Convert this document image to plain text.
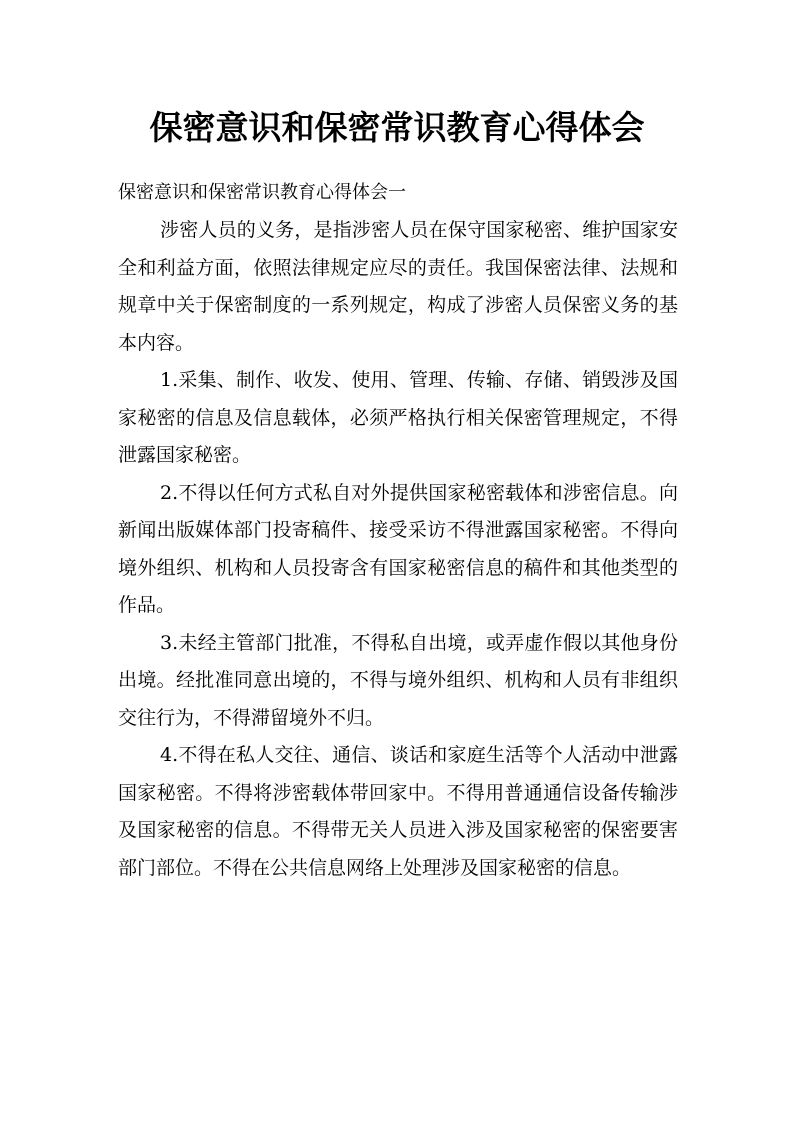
保密意识和保密常识教育心得体会
保密意识和保密常识教育心得体会一

涉密人员的义务，是指涉密人员在保守国家秘密、维护国家安全和利益方面，依照法律规定应尽的责任。我国保密法律、法规和规章中关于保密制度的一系列规定，构成了涉密人员保密义务的基本内容。

1.采集、制作、收发、使用、管理、传输、存储、销毁涉及国家秘密的信息及信息载体，必须严格执行相关保密管理规定，不得泄露国家秘密。

2.不得以任何方式私自对外提供国家秘密载体和涉密信息。向新闻出版媒体部门投寄稿件、接受采访不得泄露国家秘密。不得向境外组织、机构和人员投寄含有国家秘密信息的稿件和其他类型的作品。

3.未经主管部门批准，不得私自出境，或弄虚作假以其他身份出境。经批准同意出境的，不得与境外组织、机构和人员有非组织交往行为，不得滞留境外不归。

4.不得在私人交往、通信、谈话和家庭生活等个人活动中泄露国家秘密。不得将涉密载体带回家中。不得用普通通信设备传输涉及国家秘密的信息。不得带无关人员进入涉及国家秘密的保密要害部门部位。不得在公共信息网络上处理涉及国家秘密的信息。
